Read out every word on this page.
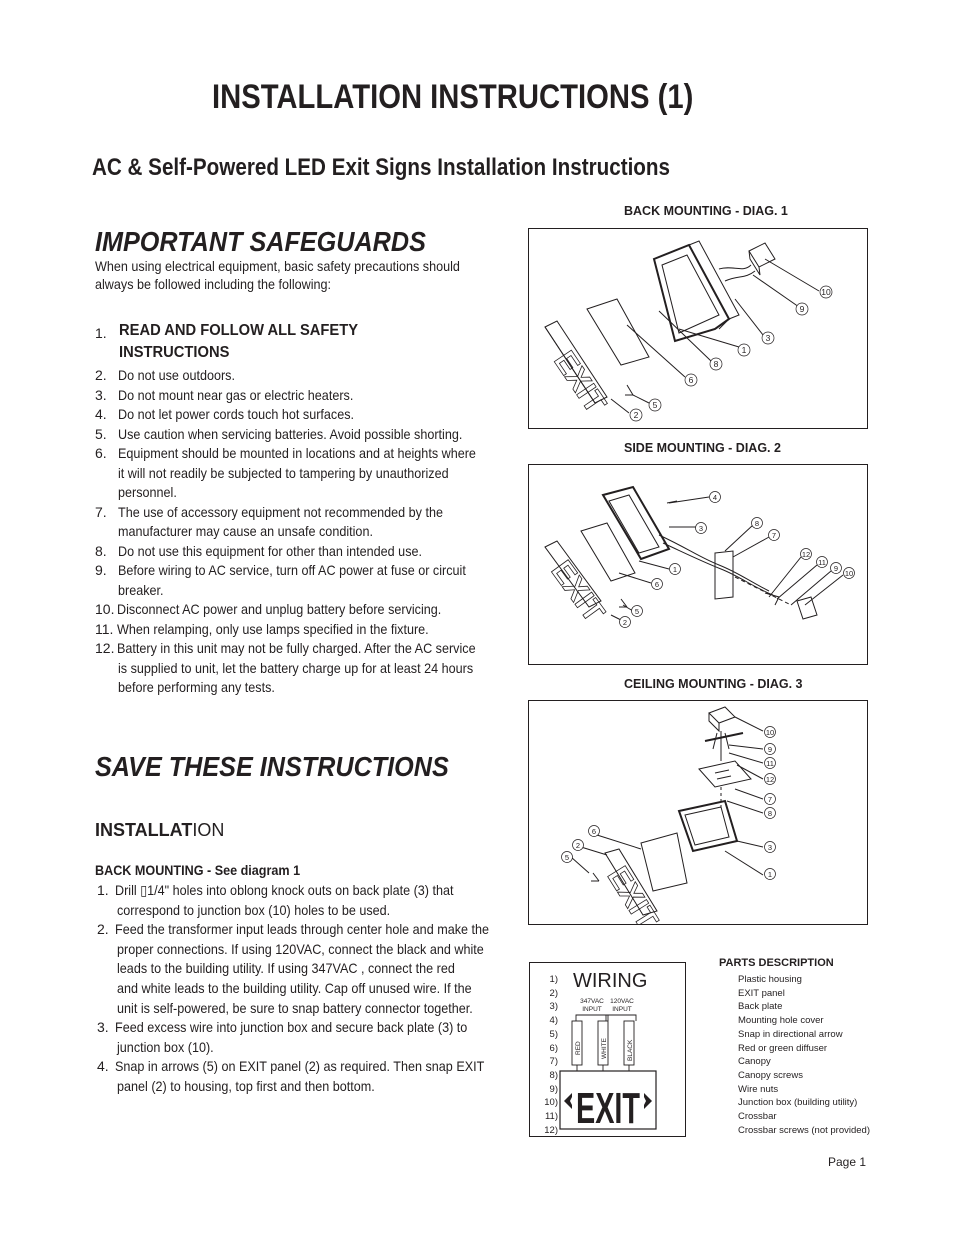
INSTALLATION INSTRUCTIONS (1)
AC & Self-Powered LED Exit Signs Installation Instructions
IMPORTANT SAFEGUARDS
When using electrical equipment, basic safety precautions should
always be followed including the following:
1. READ AND FOLLOW ALL SAFETY
INSTRUCTIONS
2. Do not use outdoors.
3. Do not mount near gas or electric heaters.
4. Do not let power cords touch hot surfaces.
5. Use caution when servicing batteries. Avoid possible shorting.
6. Equipment should be mounted in locations and at heights where
it will not readily be subjected to tampering by unauthorized
personnel.
7. The use of accessory equipment not recommended by the
manufacturer may cause an unsafe condition.
8. Do not use this equipment for other than intended use.
9. Before wiring to AC service, turn off AC power at fuse or circuit
breaker.
10. Disconnect AC power and unplug battery before servicing.
11. When relamping, only use lamps specified in the fixture.
12. Battery in this unit may not be fully charged. After the AC service
is supplied to unit, let the battery charge up for at least 24 hours
before performing any tests.
SAVE THESE INSTRUCTIONS
INSTALLATION
BACK MOUNTING - See diagram 1
1. Drill ▯1/4" holes into oblong knock outs on back plate (3) that
correspond to junction box (10) holes to be used.
2. Feed the transformer input leads through center hole and make the
proper connections. If using 120VAC, connect the black and white
leads to the building utility. If using 347VAC , connect the red
and white leads to the building utility. Cap off unused wire. If the
unit is self-powered, be sure to snap battery connector together.
3. Feed excess wire into junction box and secure back plate (3) to
junction box (10).
4. Snap in arrows (5) on EXIT panel (2) as required. Then snap EXIT
panel (2) to housing, top first and then bottom.
BACK MOUNTING - DIAG. 1
EXIT
10
9
3
1
8
6
5
2
SIDE MOUNTING - DIAG. 2
EXIT
4
3
8
7
12
11
9
10
1
6
5
2
CEILING MOUNTING - DIAG. 3
EXIT
10
9
11
12
7
8
6
2
5
3
1
WIRING
347VAC
INPUT
120VAC
INPUT
RED	WHITE	BLACK
EXIT
PARTS DESCRIPTION
1)	Plastic housing
2)	EXIT panel
3)	Back plate
4)	Mounting hole cover
5)	Snap in directional arrow
6)	Red or green diffuser
7)	Canopy
8)	Canopy screws
9)	Wire nuts
10)	Junction box (building utility)
11)	Crossbar
12)	Crossbar screws (not provided)
Page 1
